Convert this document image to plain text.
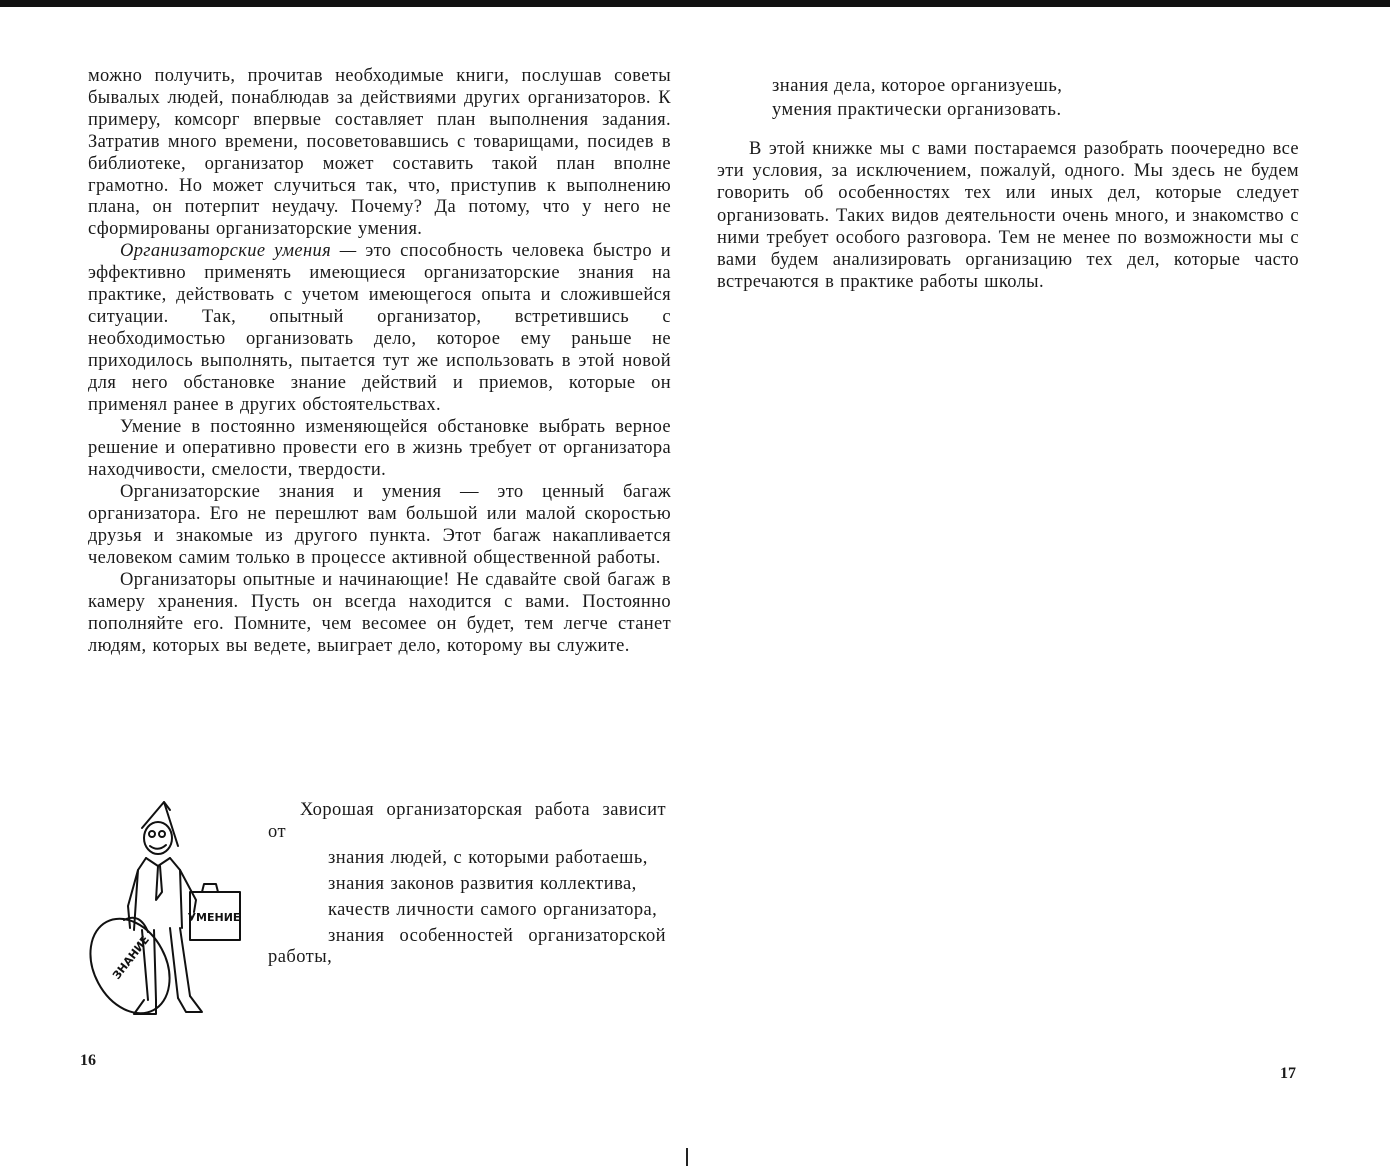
можно получить, прочитав необходимые книги, послушав советы бывалых людей, понаблюдав за действиями других организаторов. К примеру, комсорг впервые составляет план выполнения задания. Затратив много времени, посоветовавшись с товарищами, посидев в библиотеке, организатор может составить такой план вполне грамотно. Но может случиться так, что, приступив к выполнению плана, он потерпит неудачу. Почему? Да потому, что у него не сформированы организаторские умения.

Организаторские умения — это способность человека быстро и эффективно применять имеющиеся организаторские знания на практике, действовать с учетом имеющегося опыта и сложившейся ситуации. Так, опытный организатор, встретившись с необходимостью организовать дело, которое ему раньше не приходилось выполнять, пытается тут же использовать в этой новой для него обстановке знание действий и приемов, которые он применял ранее в других обстоятельствах.

Умение в постоянно изменяющейся обстановке выбрать верное решение и оперативно провести его в жизнь требует от организатора находчивости, смелости, твердости.

Организаторские знания и умения — это ценный багаж организатора. Его не перешлют вам большой или малой скоростью друзья и знакомые из другого пункта. Этот багаж накапливается человеком самим только в процессе активной общественной работы.

Организаторы опытные и начинающие! Не сдавайте свой багаж в камеру хранения. Пусть он всегда находится с вами. Постоянно пополняйте его. Помните, чем весомее он будет, тем легче станет людям, которых вы ведете, выиграет дело, которому вы служите.

УМЕНИЕ
ЗНАНИЕ

Хорошая организаторская работа зависит от

знания людей, с которыми работаешь,
знания законов развития коллектива,
качеств личности самого организатора,
знания особенностей организаторской работы,
16

знания дела, которое организуешь,

умения практически организовать.

В этой книжке мы с вами постараемся разобрать поочередно все эти условия, за исключением, пожалуй, одного. Мы здесь не будем говорить об особенностях тех или иных дел, которые следует организовать. Таких видов деятельности очень много, и знакомство с ними требует особого разговора. Тем не менее по возможности мы с вами будем анализировать организацию тех дел, которые часто встречаются в практике работы школы.

17
